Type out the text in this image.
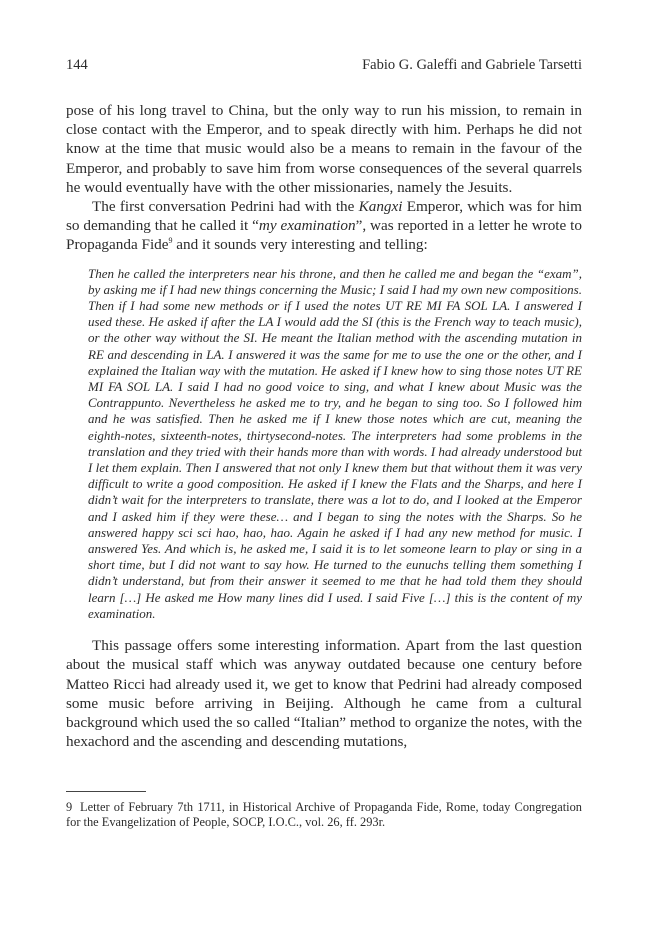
144	Fabio G. Galeffi and Gabriele Tarsetti

pose of his long travel to China, but the only way to run his mission, to remain in close contact with the Emperor, and to speak directly with him. Perhaps he did not know at the time that music would also be a means to remain in the favour of the Emperor, and probably to save him from worse consequences of the several quarrels he would eventually have with the other missionaries, namely the Jesuits.

The first conversation Pedrini had with the Kangxi Emperor, which was for him so demanding that he called it “my examination”, was reported in a letter he wrote to Propaganda Fide$^9$ and it sounds very interesting and telling:

Then he called the interpreters near his throne, and then he called me and began the “exam”, by asking me if I had new things concerning the Music; I said I had my own new compositions. Then if I had some new methods or if I used the notes UT RE MI FA SOL LA. I answered I used these. He asked if after the LA I would add the SI (this is the French way to teach music), or the other way without the SI. He meant the Italian method with the ascending mutation in RE and descending in LA. I answered it was the same for me to use the one or the other, and I explained the Italian way with the mutation. He asked if I knew how to sing those notes UT RE MI FA SOL LA. I said I had no good voice to sing, and what I knew about Music was the Contrappunto. Nevertheless he asked me to try, and he began to sing too. So I followed him and he was satisfied. Then he asked me if I knew those notes which are cut, meaning the eighth-notes, sixteenth-notes, thirtysecond-notes. The interpreters had some problems in the translation and they tried with their hands more than with words. I had already understood but I let them explain. Then I answered that not only I knew them but that without them it was very difficult to write a good composition. He asked if I knew the Flats and the Sharps, and here I didn’t wait for the interpreters to translate, there was a lot to do, and I looked at the Emperor and I asked him if they were these… and I began to sing the notes with the Sharps. So he answered happy sci sci hao, hao, hao. Again he asked if I had any new method for music. I answered Yes. And which is, he asked me, I said it is to let someone learn to play or sing in a short time, but I did not want to say how. He turned to the eunuchs telling them something I didn’t understand, but from their answer it seemed to me that he had told them they should learn […] He asked me How many lines did I used. I said Five […] this is the content of my examination.

This passage offers some interesting information. Apart from the last question about the musical staff which was anyway outdated because one century before Matteo Ricci had already used it, we get to know that Pedrini had already composed some music before arriving in Beijing. Although he came from a cultural background which used the so called “Italian” method to organize the notes, with the hexachord and the ascending and descending mutations,

9 Letter of February 7th 1711, in Historical Archive of Propaganda Fide, Rome, today Congregation for the Evangelization of People, SOCP, I.O.C., vol. 26, ff. 293r.
